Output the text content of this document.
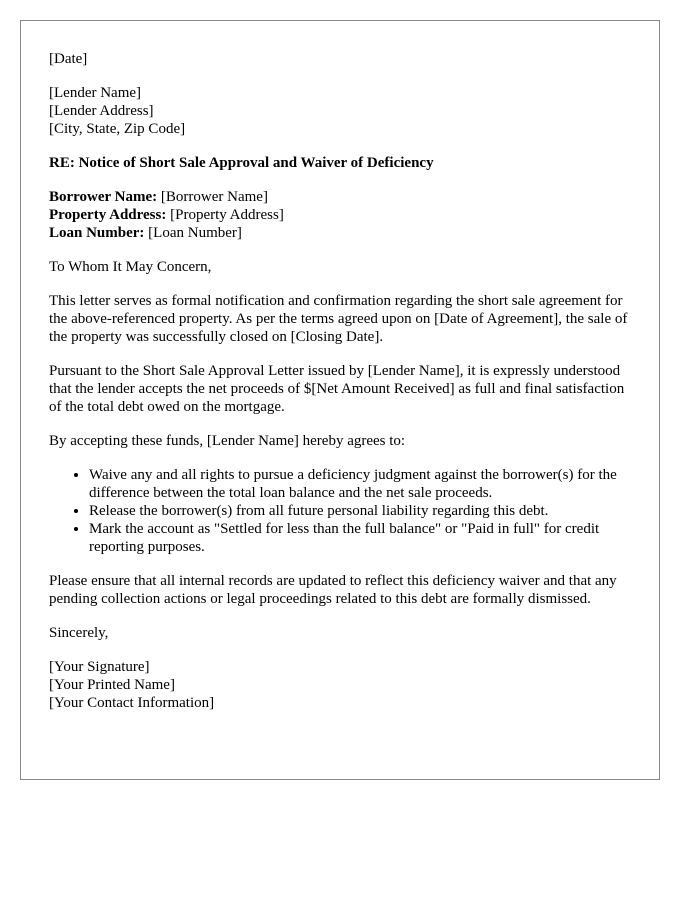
[Date]

[Lender Name]
[Lender Address]
[City, State, Zip Code]

RE: Notice of Short Sale Approval and Waiver of Deficiency

Borrower Name: [Borrower Name]
Property Address: [Property Address]
Loan Number: [Loan Number]

To Whom It May Concern,

This letter serves as formal notification and confirmation regarding the short sale agreement for the above-referenced property. As per the terms agreed upon on [Date of Agreement], the sale of the property was successfully closed on [Closing Date].

Pursuant to the Short Sale Approval Letter issued by [Lender Name], it is expressly understood that the lender accepts the net proceeds of $[Net Amount Received] as full and final satisfaction of the total debt owed on the mortgage.

By accepting these funds, [Lender Name] hereby agrees to:

• Waive any and all rights to pursue a deficiency judgment against the borrower(s) for the difference between the total loan balance and the net sale proceeds.
• Release the borrower(s) from all future personal liability regarding this debt.
• Mark the account as "Settled for less than the full balance" or "Paid in full" for credit reporting purposes.

Please ensure that all internal records are updated to reflect this deficiency waiver and that any pending collection actions or legal proceedings related to this debt are formally dismissed.

Sincerely,

[Your Signature]
[Your Printed Name]
[Your Contact Information]
